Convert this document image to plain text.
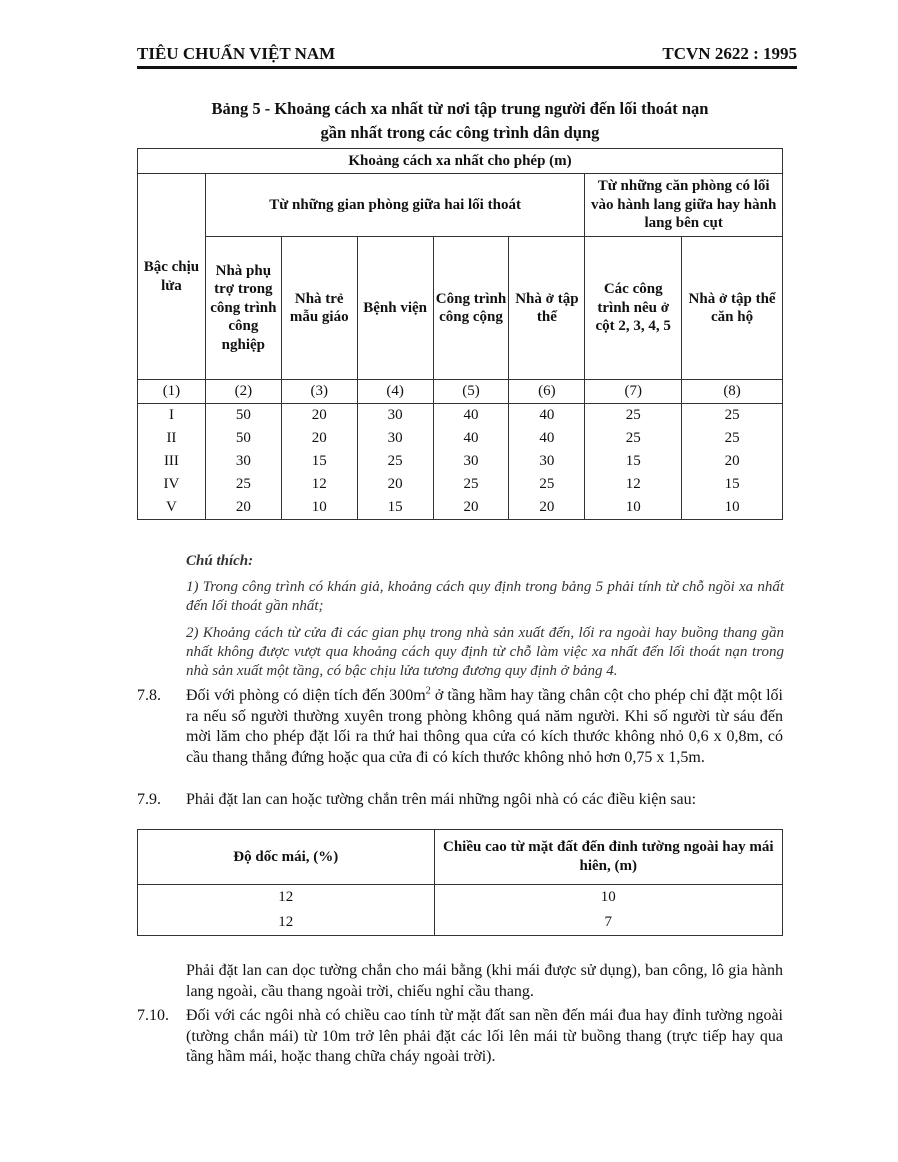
TIÊU CHUẨN VIỆT NAM	TCVN 2622 : 1995
Bảng 5 - Khoảng cách xa nhất từ nơi tập trung người đến lối thoát nạn
gần nhất trong các công trình dân dụng
Khoảng cách xa nhất cho phép (m)							
Bậc chịu lửa	Từ những gian phòng giữa hai lối thoát					Từ những căn phòng có lối vào hành lang giữa hay hành lang bên cụt	
	Nhà phụ trợ trong công trình công nghiệp	Nhà trẻ mẫu giáo	Bệnh viện	Công trình công cộng	Nhà ở tập thể	Các công trình nêu ở cột 2, 3, 4, 5	Nhà ở tập thể căn hộ
(1)	(2)	(3)	(4)	(5)	(6)	(7)	(8)
I	50	20	30	40	40	25	25
II	50	20	30	40	40	25	25
III	30	15	25	30	30	15	20
IV	25	12	20	25	25	12	15
V	20	10	15	20	20	10	10
Chú thích:

1) Trong công trình có khán giả, khoảng cách quy định trong bảng 5 phải tính từ chỗ ngồi xa nhất đến lối thoát gần nhất;

2) Khoảng cách từ cửa đi các gian phụ trong nhà sản xuất đến, lối ra ngoài hay buồng thang gần nhất không được vượt qua khoảng cách quy định từ chỗ làm việc xa nhất đến lối thoát nạn trong nhà sản xuất một tầng, có bậc chịu lửa tương đương quy định ở bảng 4.

7.8. Đối với phòng có diện tích đến $300m^2$ ở tầng hầm hay tầng chân cột cho phép chỉ đặt một lối ra nếu số người thường xuyên trong phòng không quá năm người. Khi số người từ sáu đến mời lăm cho phép đặt lối ra thứ hai thông qua cửa có kích thước không nhỏ 0,6 x 0,8m, có cầu thang thẳng đứng hoặc qua cửa đi có kích thước không nhỏ hơn 0,75 x 1,5m.
7.9. Phải đặt lan can hoặc tường chắn trên mái những ngôi nhà có các điều kiện sau:
Độ dốc mái, (%)	Chiều cao từ mặt đất đến đỉnh tường ngoài hay mái hiên, (m)
12	10
12	7
Phải đặt lan can dọc tường chắn cho mái bằng (khi mái được sử dụng), ban công, lô gia hành lang ngoài, cầu thang ngoài trời, chiếu nghỉ cầu thang.
7.10. Đối với các ngôi nhà có chiều cao tính từ mặt đất san nền đến mái đua hay đỉnh tường ngoài (tường chắn mái) từ 10m trở lên phải đặt các lối lên mái từ buồng thang (trực tiếp hay qua tầng hầm mái, hoặc thang chữa cháy ngoài trời).
